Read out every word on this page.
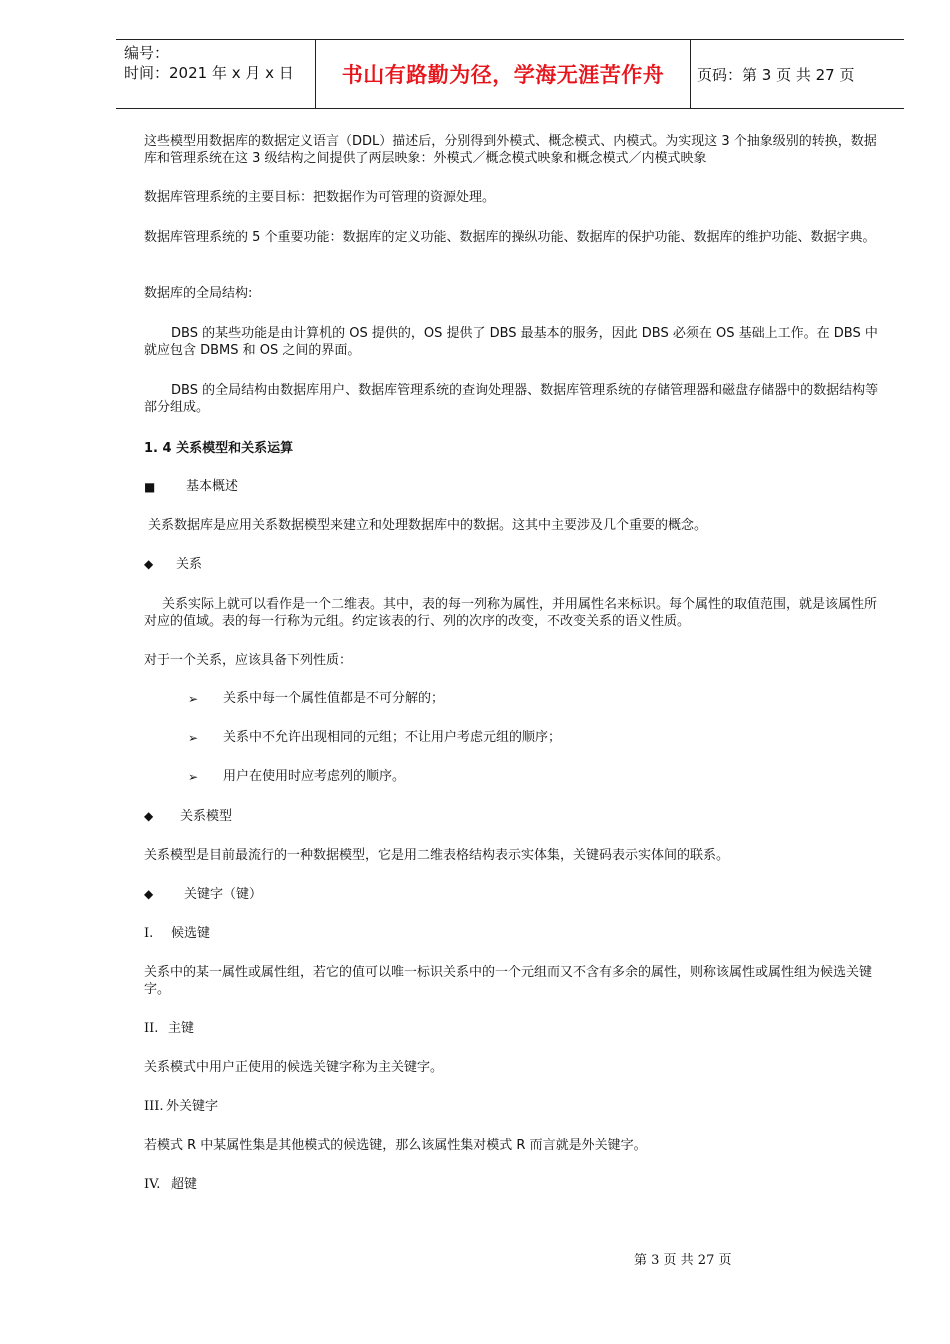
编号：
时间：2021 年 x 月 x 日 书山有路勤为径，学海无涯苦作舟 页码：第 3 页 共 27 页
这些模型用数据库的数据定义语言（DDL）描述后，分别得到外模式、概念模式、内模式。为实现这 3 个抽象级别的转换，数据库和管理系统在这 3 级结构之间提供了两层映象：外模式／概念模式映象和概念模式／内模式映象
数据库管理系统的主要目标：把数据作为可管理的资源处理。
数据库管理系统的 5 个重要功能：数据库的定义功能、数据库的操纵功能、数据库的保护功能、数据库的维护功能、数据字典。
数据库的全局结构:
DBS 的某些功能是由计算机的 OS 提供的，OS 提供了 DBS 最基本的服务，因此 DBS 必须在 OS 基础上工作。在 DBS 中就应包含 DBMS 和 OS 之间的界面。
DBS 的全局结构由数据库用户、数据库管理系统的查询处理器、数据库管理系统的存储管理器和磁盘存储器中的数据结构等部分组成。
1. 4 关系模型和关系运算
■ 基本概述
关系数据库是应用关系数据模型来建立和处理数据库中的数据。这其中主要涉及几个重要的概念。
◆ 关系
关系实际上就可以看作是一个二维表。其中，表的每一列称为属性，并用属性名来标识。每个属性的取值范围，就是该属性所对应的值域。表的每一行称为元组。约定该表的行、列的次序的改变，不改变关系的语义性质。
对于一个关系，应该具备下列性质：
➢ 关系中每一个属性值都是不可分解的；
➢ 关系中不允许出现相同的元组；不让用户考虑元组的顺序；
➢ 用户在使用时应考虑列的顺序。
◆ 关系模型
关系模型是目前最流行的一种数据模型，它是用二维表格结构表示实体集，关键码表示实体间的联系。
◆ 关键字（键）
I.	候选键
关系中的某一属性或属性组，若它的值可以唯一标识关系中的一个元组而又不含有多余的属性，则称该属性或属性组为候选关键字。
II. 主键
关系模式中用户正使用的候选关键字称为主关键字。
III. 外关键字
若模式 R 中某属性集是其他模式的候选键，那么该属性集对模式 R 而言就是外关键字。
IV. 超键
第 3 页 共 27 页
